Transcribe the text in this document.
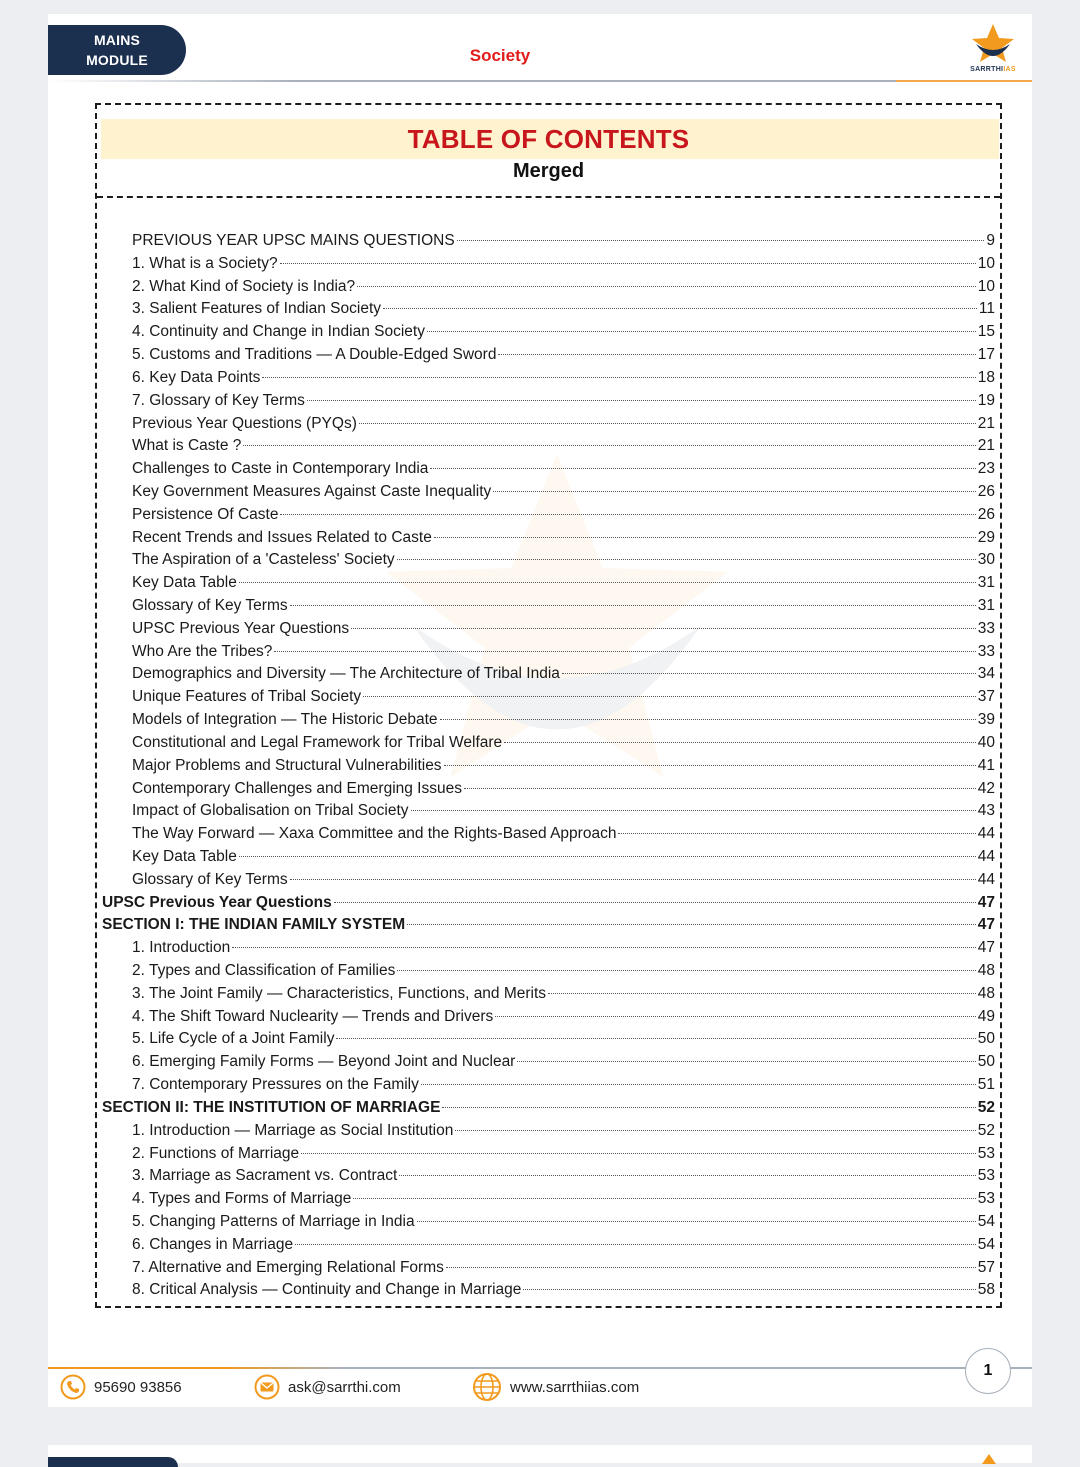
MAINS
MODULE	Society
SARRTHIIAS
TABLE OF CONTENTS
Merged
PREVIOUS YEAR UPSC MAINS QUESTIONS	9
1. What is a Society?	10
2. What Kind of Society is India?	10
3. Salient Features of Indian Society	11
4. Continuity and Change in Indian Society	15
5. Customs and Traditions — A Double-Edged Sword	17
6. Key Data Points	18
7. Glossary of Key Terms	19
Previous Year Questions (PYQs)	21
What is Caste ?	21
Challenges to Caste in Contemporary India	23
Key Government Measures Against Caste Inequality	26
Persistence Of Caste	26
Recent Trends and Issues Related to Caste	29
The Aspiration of a 'Casteless' Society	30
Key Data Table	31
Glossary of Key Terms	31
UPSC Previous Year Questions	33
Who Are the Tribes?	33
Demographics and Diversity — The Architecture of Tribal India	34
Unique Features of Tribal Society	37
Models of Integration — The Historic Debate	39
Constitutional and Legal Framework for Tribal Welfare	40
Major Problems and Structural Vulnerabilities	41
Contemporary Challenges and Emerging Issues	42
Impact of Globalisation on Tribal Society	43
The Way Forward — Xaxa Committee and the Rights-Based Approach	44
Key Data Table	44
Glossary of Key Terms	44
UPSC Previous Year Questions	47
SECTION I: THE INDIAN FAMILY SYSTEM	47
1. Introduction	47
2. Types and Classification of Families	48
3. The Joint Family — Characteristics, Functions, and Merits	48
4. The Shift Toward Nuclearity — Trends and Drivers	49
5. Life Cycle of a Joint Family	50
6. Emerging Family Forms — Beyond Joint and Nuclear	50
7. Contemporary Pressures on the Family	51
SECTION II: THE INSTITUTION OF MARRIAGE	52
1. Introduction — Marriage as Social Institution	52
2. Functions of Marriage	53
3. Marriage as Sacrament vs. Contract	53
4. Types and Forms of Marriage	53
5. Changing Patterns of Marriage in India	54
6. Changes in Marriage	54
7. Alternative and Emerging Relational Forms	57
8. Critical Analysis — Continuity and Change in Marriage	58
95690 93856	ask@sarrthi.com	www.sarrthiias.com
1
